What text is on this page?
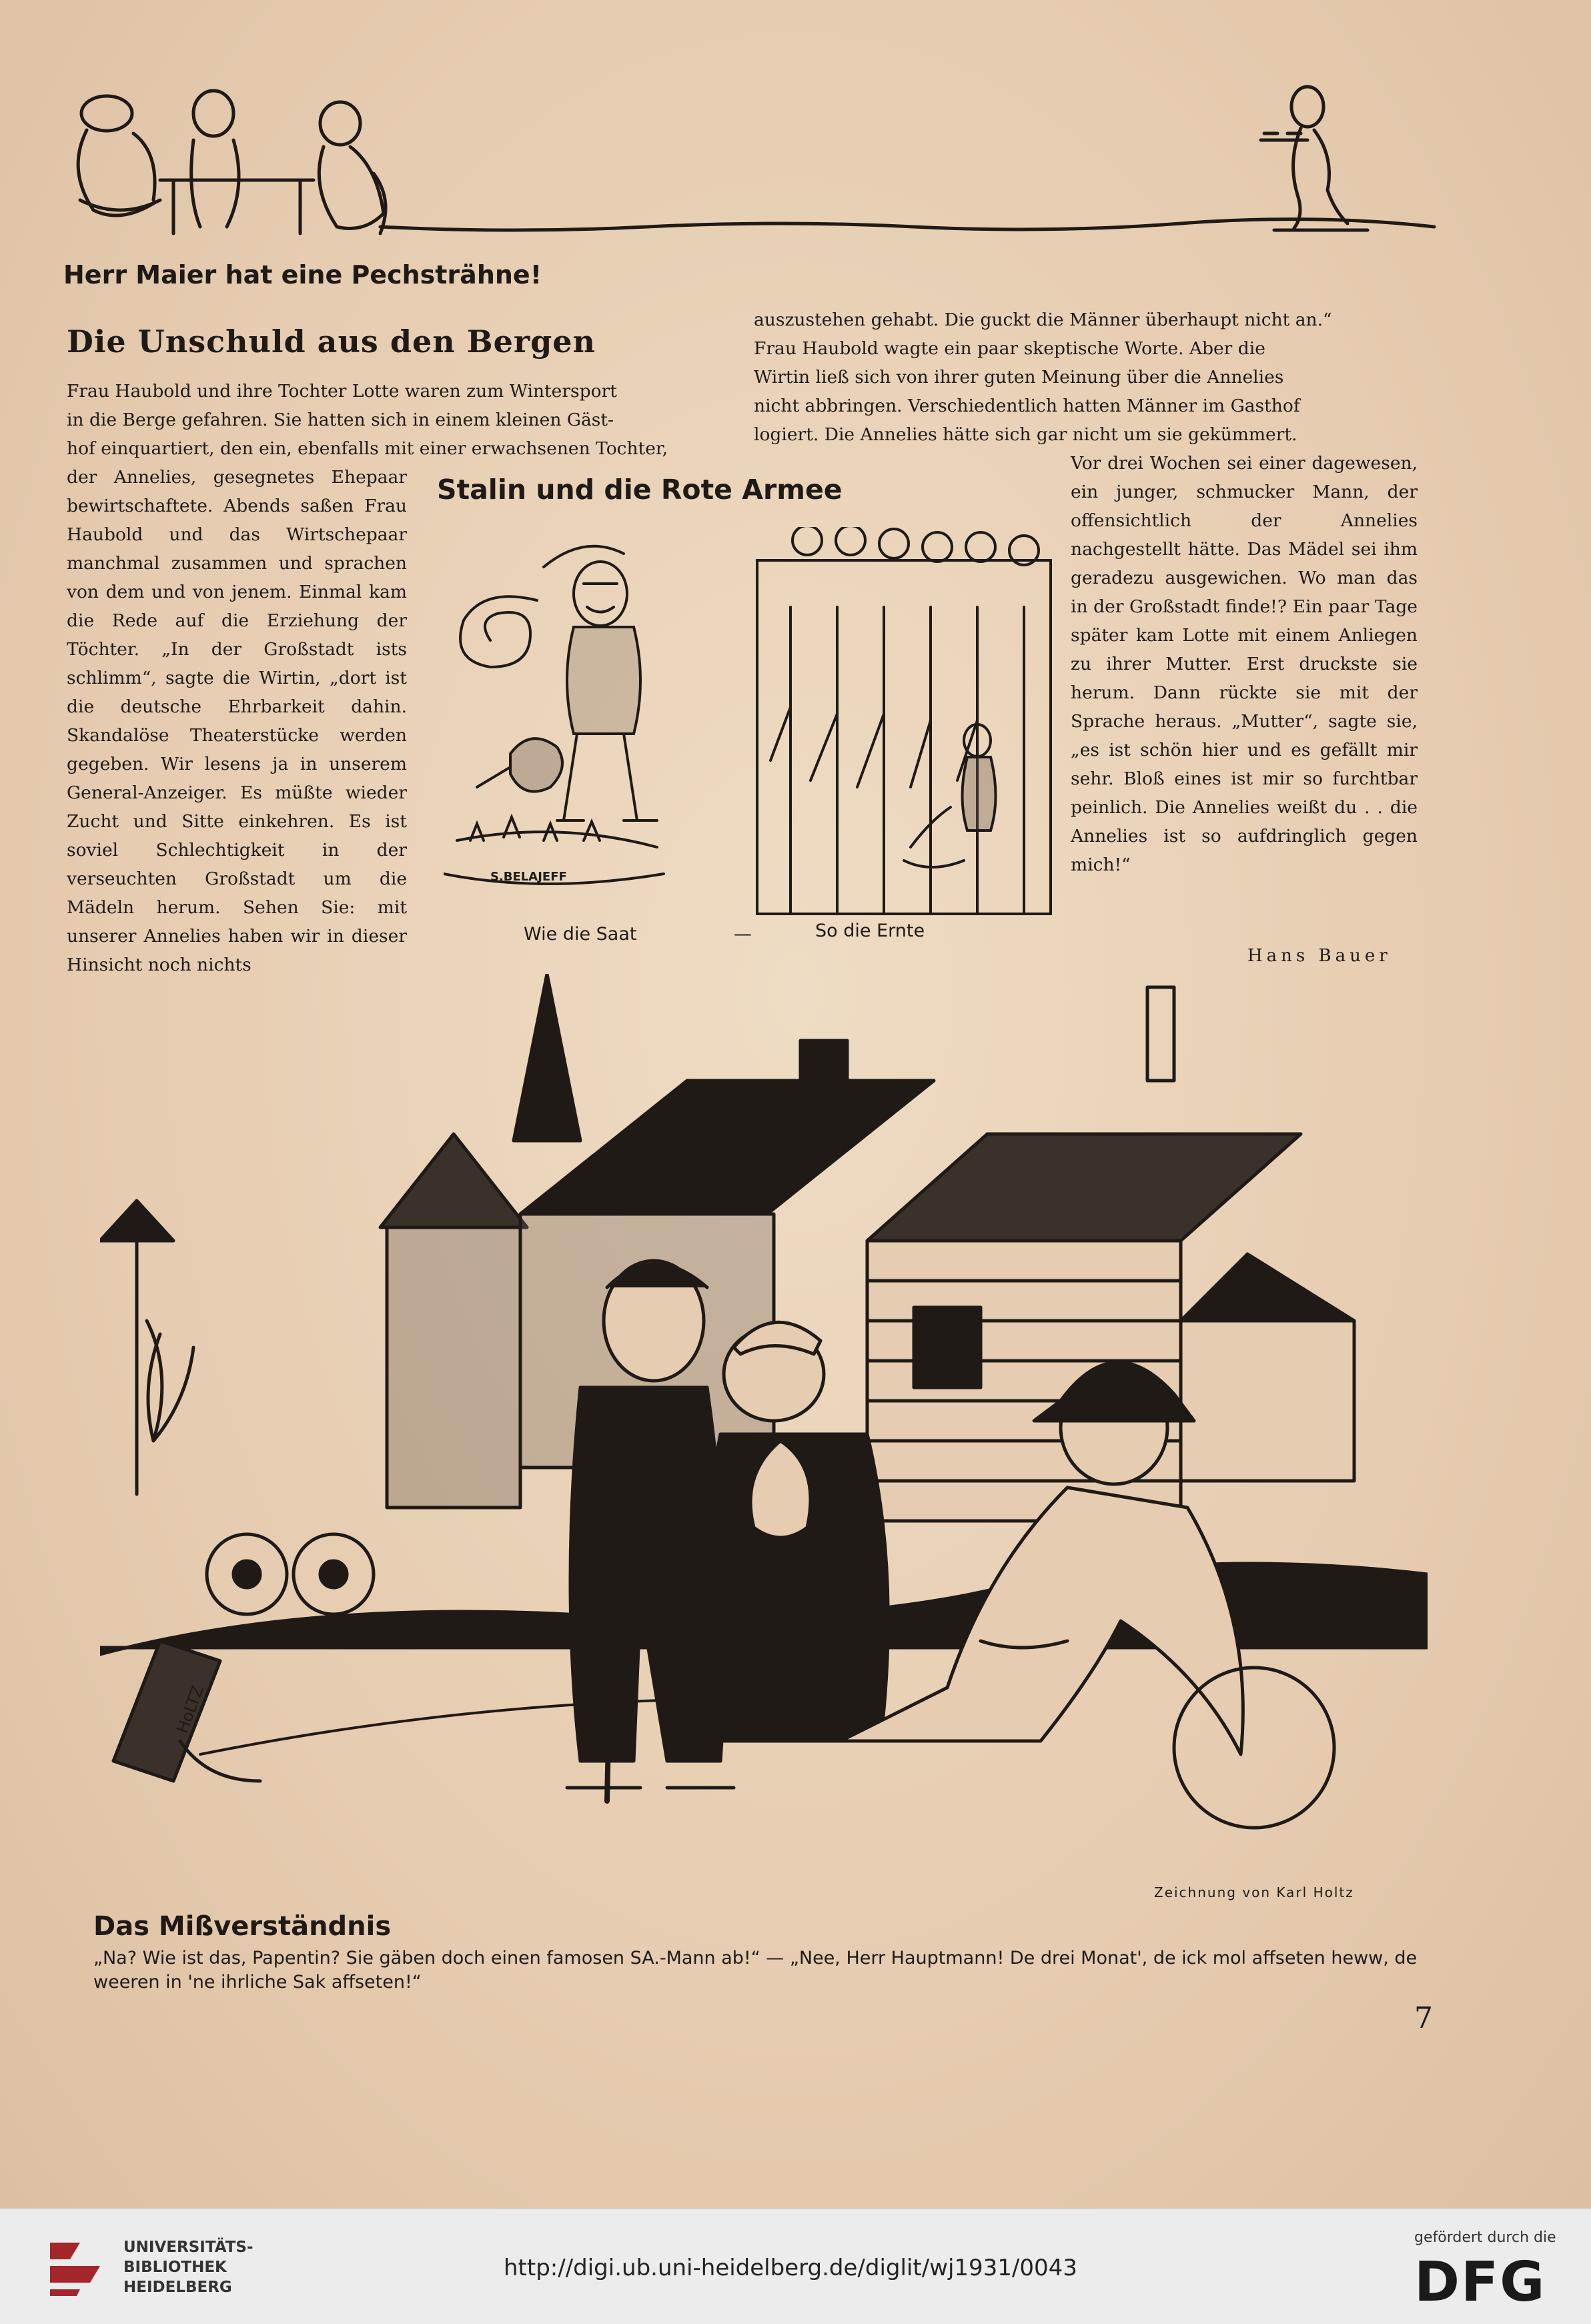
Herr Maier hat eine Pechsträhne!
Die Unschuld aus den Bergen

Frau Haubold und ihre Tochter Lotte waren zum Wintersport

in die Berge gefahren. Sie hatten sich in einem kleinen Gäst-

hof einquartiert, den ein, ebenfalls mit einer erwachsenen Tochter,

der Annelies, gesegnetes Ehepaar bewirtschaftete. Abends saßen Frau Haubold und das Wirtschepaar manchmal zusammen und sprachen von dem und von jenem. Einmal kam die Rede auf die Erziehung der Töchter. „In der Großstadt ists schlimm“, sagte die Wirtin, „dort ist die deutsche Ehrbarkeit dahin. Skandalöse Theaterstücke werden gegeben. Wir lesens ja in unserem General-Anzeiger. Es müßte wieder Zucht und Sitte einkehren. Es ist soviel Schlechtigkeit in der verseuchten Großstadt um die Mädeln herum. Sehen Sie: mit unserer Annelies haben wir in dieser Hinsicht noch nichts

auszustehen gehabt. Die guckt die Männer überhaupt nicht an.“

Frau Haubold wagte ein paar skeptische Worte. Aber die

Wirtin ließ sich von ihrer guten Meinung über die Annelies

nicht abbringen. Verschiedentlich hatten Männer im Gasthof

logiert. Die Annelies hätte sich gar nicht um sie gekümmert.

Vor drei Wochen sei einer dagewesen, ein junger, schmucker Mann, der offensichtlich der Annelies nachgestellt hätte. Das Mädel sei ihm geradezu ausgewichen. Wo man das in der Großstadt finde!? Ein paar Tage später kam Lotte mit einem Anliegen zu ihrer Mutter. Erst druckste sie herum. Dann rückte sie mit der Sprache heraus. „Mutter“, sagte sie, „es ist schön hier und es gefällt mir sehr. Bloß eines ist mir so furchtbar peinlich. Die Annelies weißt du . . die Annelies ist so aufdringlich gegen mich!“

Hans Bauer
Stalin und die Rote Armee
S.BELAJEFF
Wie die Saat	—	So die Ernte
HoLTZ
Zeichnung von Karl Holtz
Das Mißverständnis
„Na? Wie ist das, Papentin? Sie gäben doch einen famosen SA.-Mann ab!“ — „Nee, Herr Hauptmann! De drei Monat', de ick mol affseten heww, de weeren in 'ne ihrliche Sak affseten!“
7
UNIVERSITÄTS-
BIBLIOTHEK
HEIDELBERG
http://digi.ub.uni-heidelberg.de/diglit/wj1931/0043
gefördert durch die
DFG
